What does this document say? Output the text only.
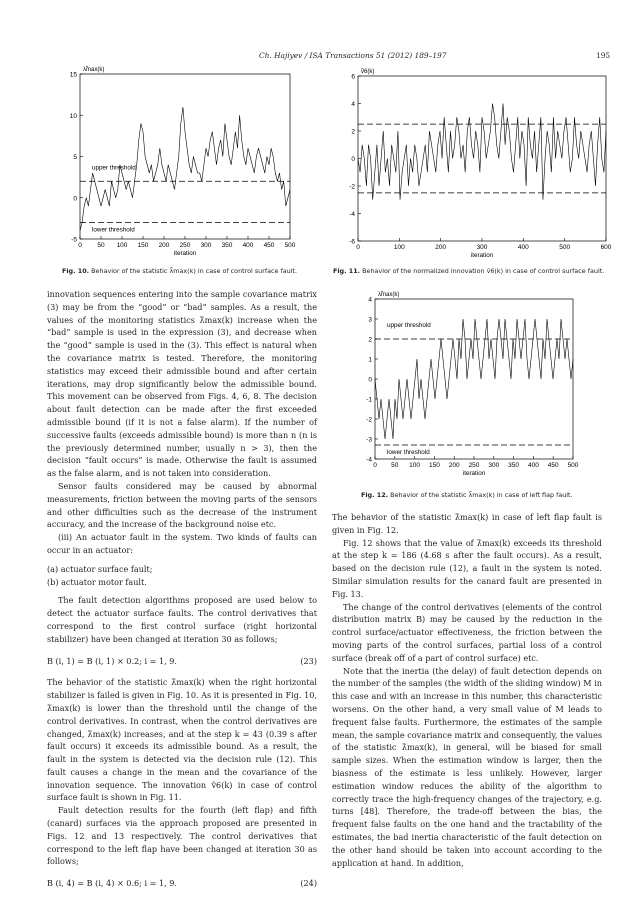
Ch. Hajiyev / ISA Transactions 51 (2012) 189–197	195
-5
0
5
10
15
0 50 100 150 200 250 300 350 400 450 500
iteration
λ̃max(k)
upper threshold
lower threshold
Fig. 10. Behavior of the statistic λ̃max(k) in case of control surface fault.
-6
-4
-2
0
2
4
6
0	100	200	300	400	500	600
iteration
ṽ6(k)
Fig. 11. Behavior of the normalized innovation ṽ6(k) in case of control surface fault.
-4
-3
-2
-1
0
1
2
3
4
0 50 100 150 200 250 300 350 400 450 500
iteration
λ̃max(k)
upper threshold
lower threshold
Fig. 12. Behavior of the statistic λ̃max(k) in case of left flap fault.

innovation sequences entering into the sample covariance matrix (3) may be from the “good” or “bad” samples. As a result, the values of the monitoring statistics λ̃max(k) increase when the “bad” sample is used in the expression (3), and decrease when the “good” sample is used in the (3). This effect is natural when the covariance matrix is tested. Therefore, the monitoring statistics may exceed their admissible bound and after certain iterations, may drop significantly below the admissible bound. This movement can be observed from Figs. 4, 6, 8. The decision about fault detection can be made after the first exceeded admissible bound (if it is not a false alarm). If the number of successive faults (exceeds admissible bound) is more than n (n is the previously determined number, usually n > 3), then the decision “fault occurs” is made. Otherwise the fault is assumed as the false alarm, and is not taken into consideration.

Sensor faults considered may be caused by abnormal measurements, friction between the moving parts of the sensors and other difficulties such as the decrease of the instrument accuracy, and the increase of the background noise etc.

(iii) An actuator fault in the system. Two kinds of faults can occur in an actuator:

(a) actuator surface fault;

(b) actuator motor fault.

The fault detection algorithms proposed are used below to detect the actuator surface faults. The control derivatives that correspond to the first control surface (right horizontal stabilizer) have been changed at iteration 30 as follows;

B (i, 1) = B (i, 1) × 0.2; i = 1, 9.	(23)

The behavior of the statistic λ̃max(k) when the right horizontal stabilizer is failed is given in Fig. 10. As it is presented in Fig. 10, λ̃max(k) is lower than the threshold until the change of the control derivatives. In contrast, when the control derivatives are changed, λ̃max(k) increases, and at the step k = 43 (0.39 s after fault occurs) it exceeds its admissible bound. As a result, the fault in the system is detected via the decision rule (12). This fault causes a change in the mean and the covariance of the innovation sequence. The innovation ṽ6(k) in case of control surface fault is shown in Fig. 11.

Fault detection results for the fourth (left flap) and fifth (canard) surfaces via the approach proposed are presented in Figs. 12 and 13 respectively. The control derivatives that correspond to the left flap have been changed at iteration 30 as follows;

B (i, 4) = B (i, 4) × 0.6; i = 1, 9.	(24)

The behavior of the statistic λ̃max(k) in case of left flap fault is given in Fig. 12.

Fig. 12 shows that the value of λ̃max(k) exceeds its threshold at the step k = 186 (4.68 s after the fault occurs). As a result, based on the decision rule (12), a fault in the system is noted. Similar simulation results for the canard fault are presented in Fig. 13.

The change of the control derivatives (elements of the control distribution matrix B) may be caused by the reduction in the control surface/actuator effectiveness, the friction between the moving parts of the control surfaces, partial loss of a control surface (break off of a part of control surface) etc.

Note that the inertia (the delay) of fault detection depends on the number of the samples (the width of the sliding window) M in this case and with an increase in this number, this characteristic worsens. On the other hand, a very small value of M leads to frequent false faults. Furthermore, the estimates of the sample mean, the sample covariance matrix and consequently, the values of the statistic λ̃max(k), in general, will be biased for small sample sizes. When the estimation window is larger, then the biasness of the estimate is less unlikely. However, larger estimation window reduces the ability of the algorithm to correctly trace the high-frequency changes of the trajectory, e.g. turns [48]. Therefore, the trade-off between the bias, the frequent false faults on the one hand and the tractability of the estimates, the bad inertia characteristic of the fault detection on the other hand should be taken into account according to the application at hand. In addition,
